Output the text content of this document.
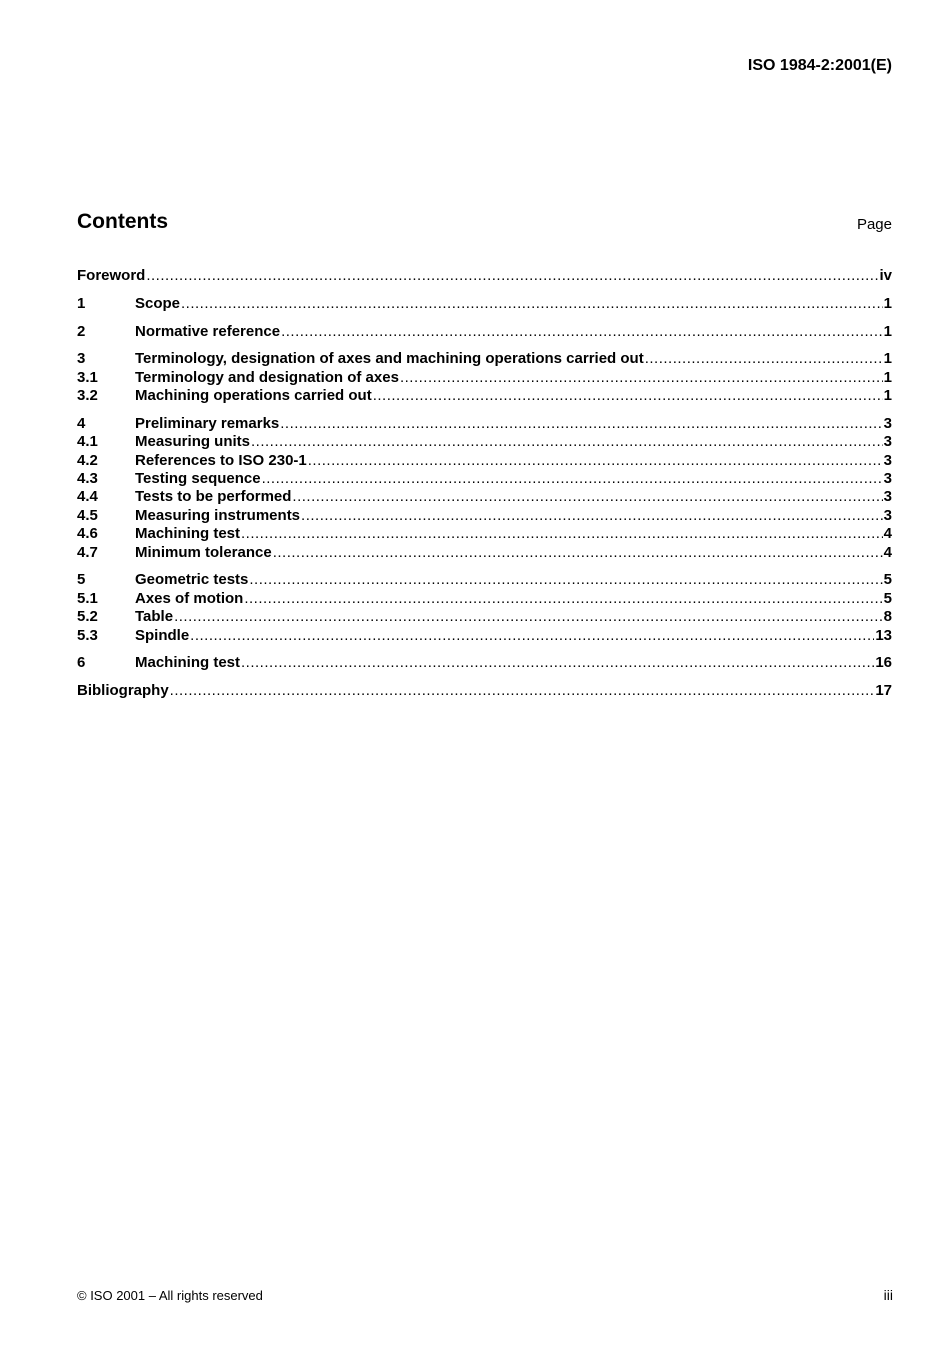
ISO 1984-2:2001(E)
Contents	Page
Foreword .....	iv
1	Scope .....	1
2	Normative reference .....	1
3	Terminology, designation of axes and machining operations carried out .....	1
3.1	Terminology and designation of axes .....	1
3.2	Machining operations carried out .....	1
4	Preliminary remarks .....	3
4.1	Measuring units .....	3
4.2	References to ISO 230-1 .....	3
4.3	Testing sequence .....	3
4.4	Tests to be performed .....	3
4.5	Measuring instruments .....	3
4.6	Machining test .....	4
4.7	Minimum tolerance .....	4
5	Geometric tests .....	5
5.1	Axes of motion .....	5
5.2	Table .....	8
5.3	Spindle .....	13
6	Machining test .....	16
Bibliography .....	17
© ISO 2001 – All rights reserved	iii
